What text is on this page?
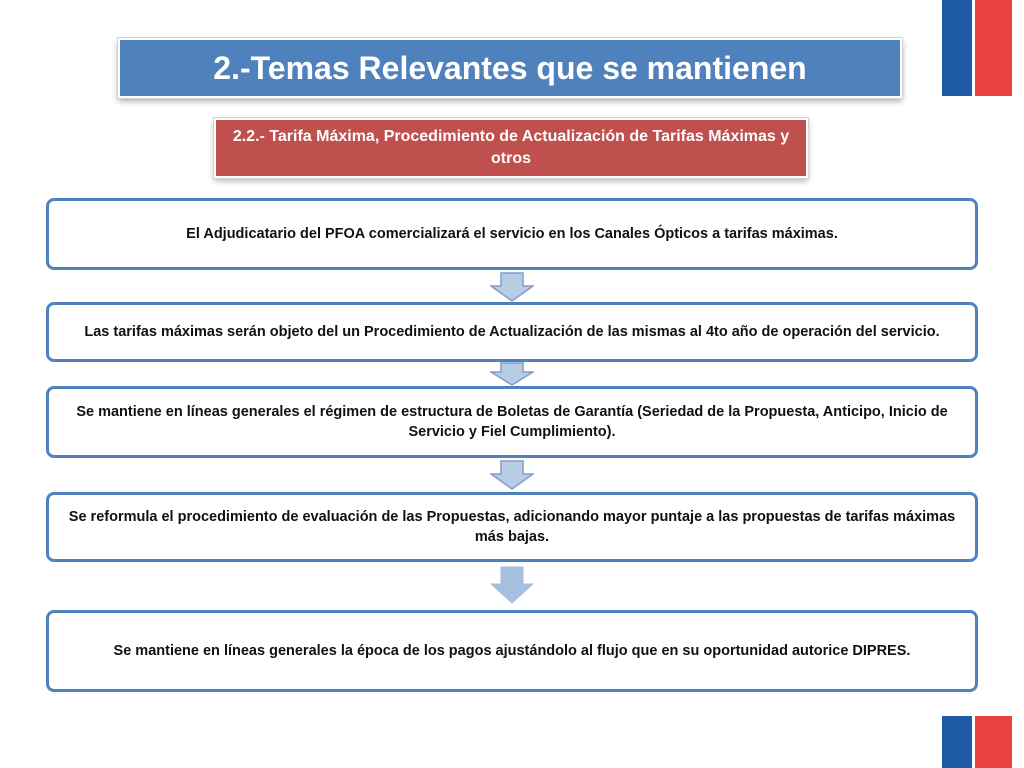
2.-Temas Relevantes que se mantienen
2.2.- Tarifa Máxima, Procedimiento de Actualización de Tarifas Máximas y otros
El Adjudicatario del PFOA comercializará el servicio en los Canales Ópticos a tarifas máximas.
Las tarifas máximas serán objeto del un Procedimiento de Actualización de las mismas al 4to año de operación del servicio.
Se mantiene en líneas generales el régimen de estructura de Boletas de Garantía (Seriedad de la Propuesta, Anticipo, Inicio de Servicio y Fiel Cumplimiento).
Se reformula el procedimiento de evaluación de las Propuestas, adicionando mayor puntaje a las propuestas de tarifas máximas más bajas.
Se mantiene en líneas generales la época de los pagos ajustándolo al flujo que en su oportunidad autorice DIPRES.
